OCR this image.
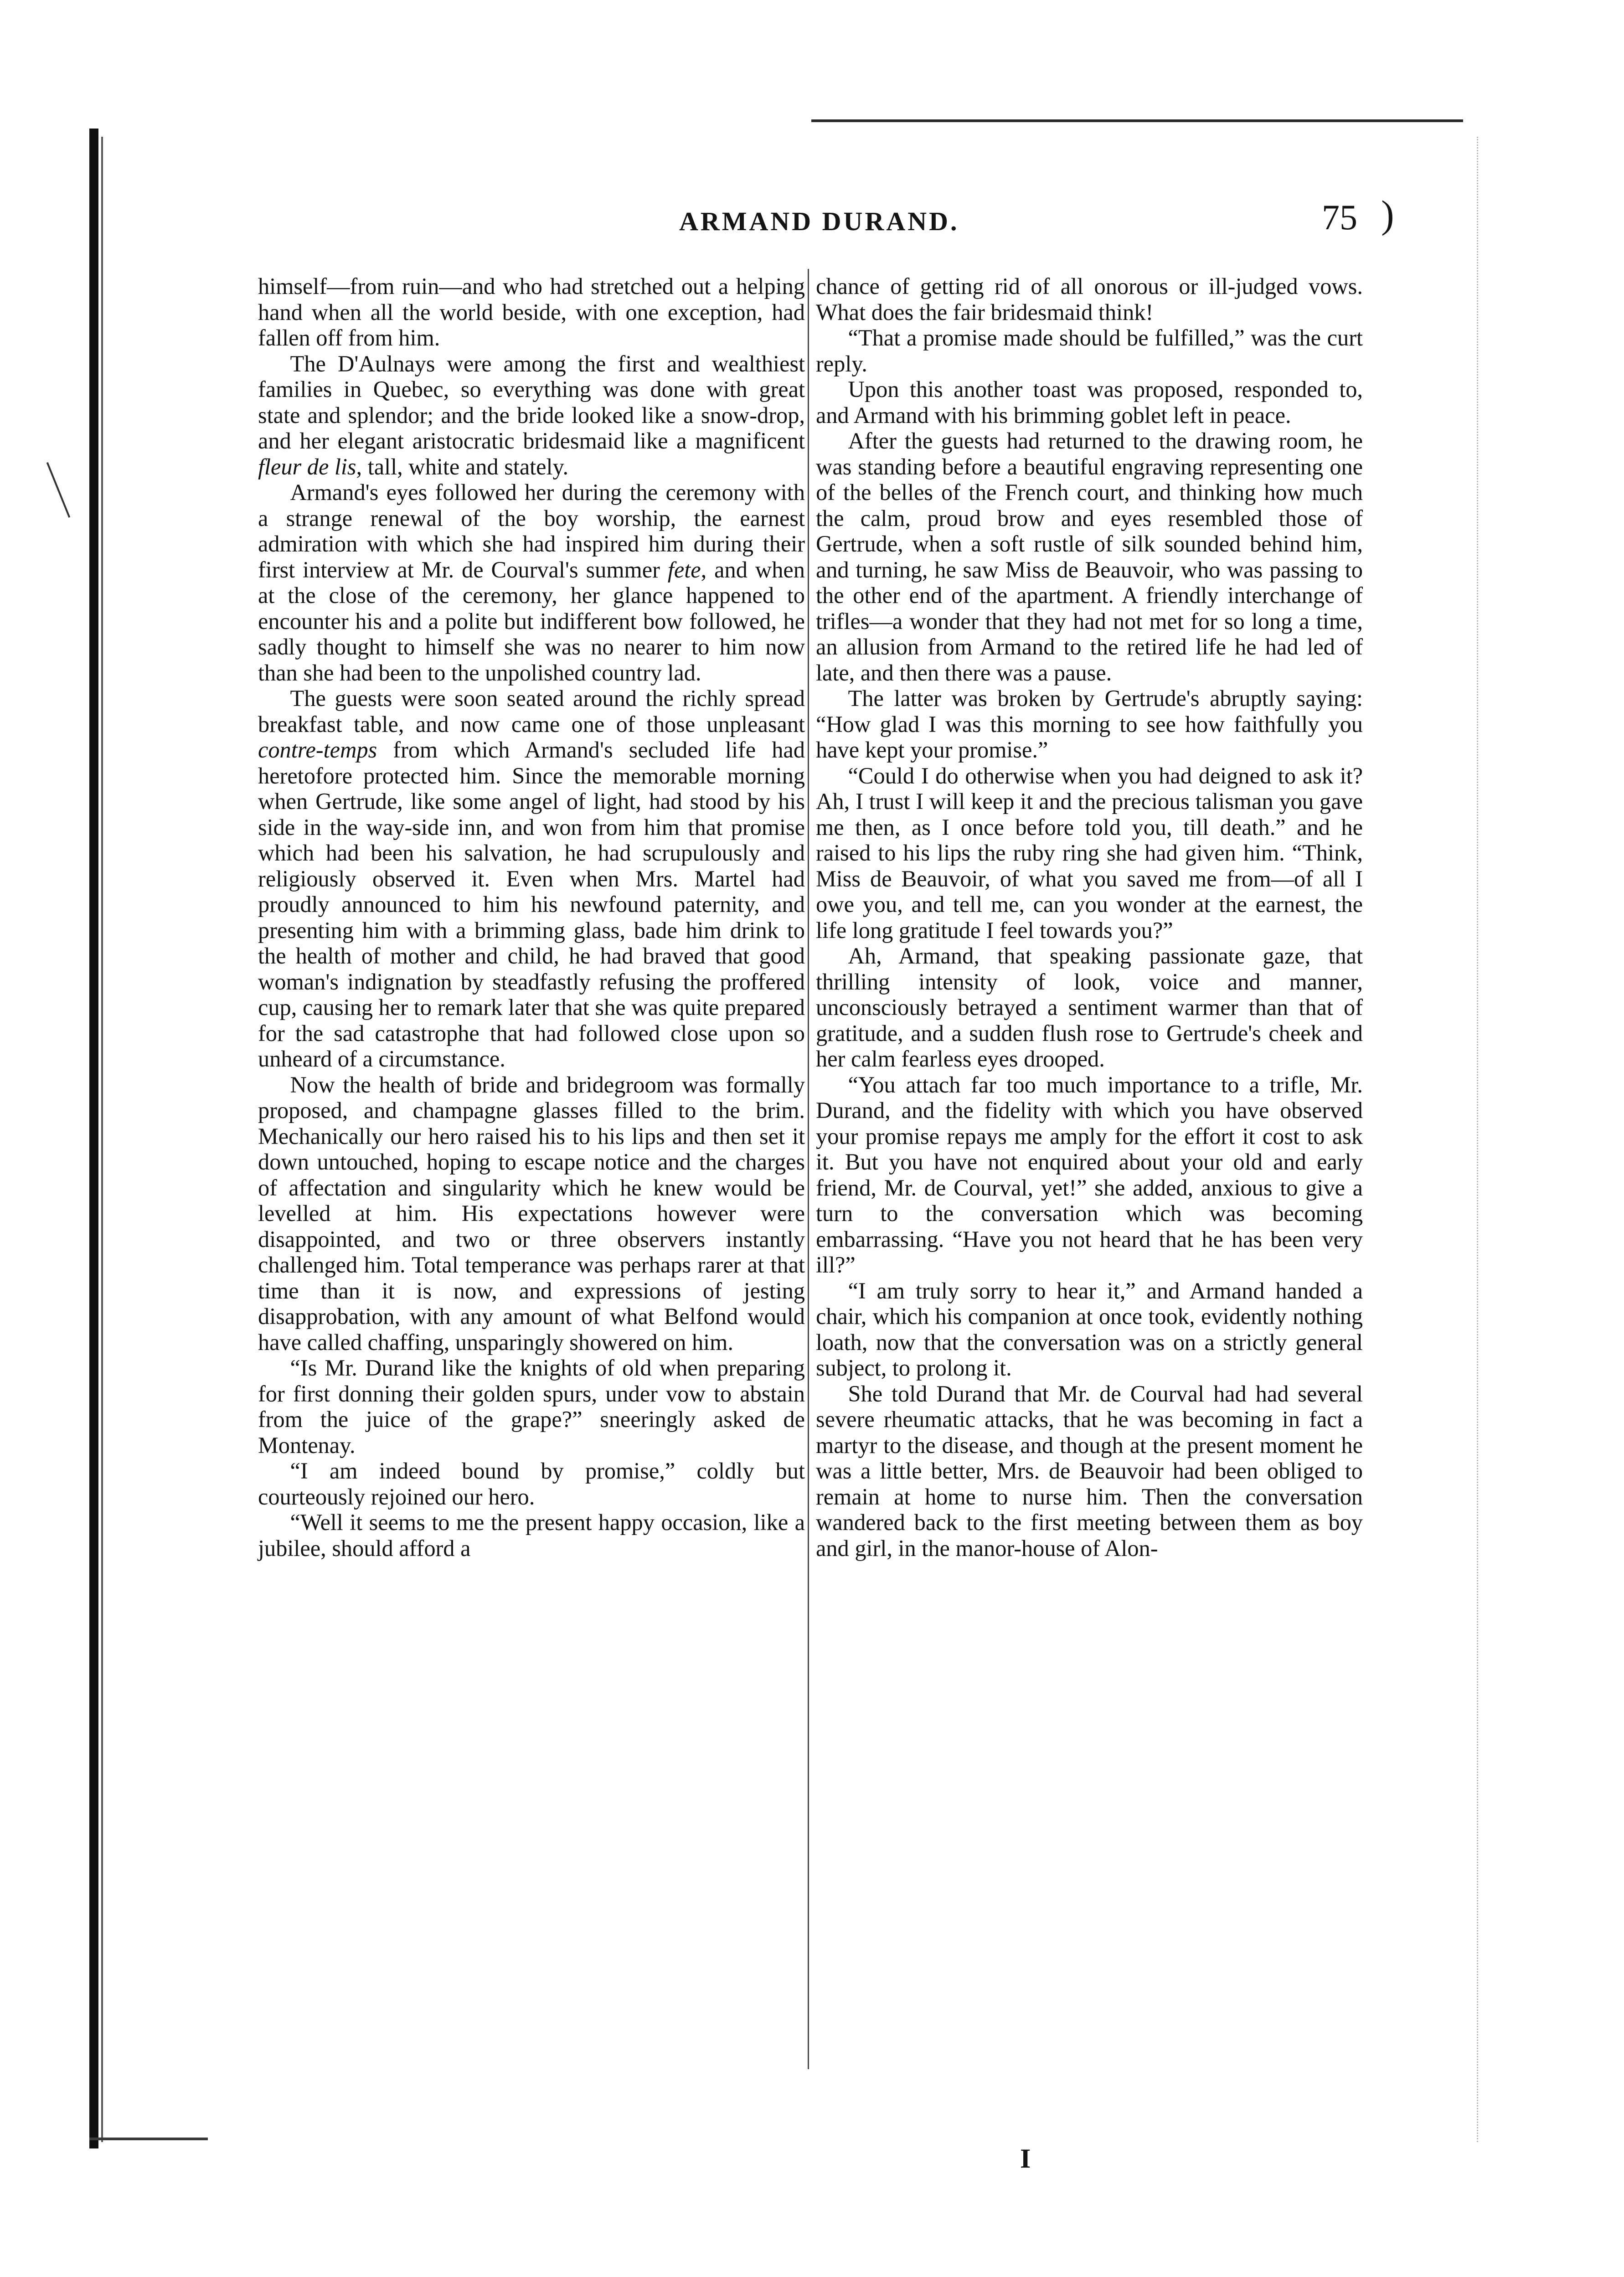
ARMAND DURAND.	75 )

himself—from ruin—and who had stretched out a helping hand when all the world beside, with one exception, had fallen off from him.

The D'Aulnays were among the first and wealthiest families in Quebec, so everything was done with great state and splendor; and the bride looked like a snow-drop, and her elegant aristocratic bridesmaid like a magnificent fleur de lis, tall, white and stately.

Armand's eyes followed her during the ceremony with a strange renewal of the boy worship, the earnest admiration with which she had inspired him during their first interview at Mr. de Courval's summer fete, and when at the close of the ceremony, her glance happened to encounter his and a polite but indifferent bow followed, he sadly thought to himself she was no nearer to him now than she had been to the unpolished country lad.

The guests were soon seated around the richly spread breakfast table, and now came one of those unpleasant contre-temps from which Armand's secluded life had heretofore protected him. Since the memorable morning when Gertrude, like some angel of light, had stood by his side in the way-side inn, and won from him that promise which had been his salvation, he had scrupulously and religiously observed it. Even when Mrs. Martel had proudly announced to him his newfound paternity, and presenting him with a brimming glass, bade him drink to the health of mother and child, he had braved that good woman's indignation by steadfastly refusing the proffered cup, causing her to remark later that she was quite prepared for the sad catastrophe that had followed close upon so unheard of a circumstance.

Now the health of bride and bridegroom was formally proposed, and champagne glasses filled to the brim. Mechanically our hero raised his to his lips and then set it down untouched, hoping to escape notice and the charges of affectation and singularity which he knew would be levelled at him. His expectations however were disappointed, and two or three observers instantly challenged him. Total temperance was perhaps rarer at that time than it is now, and expressions of jesting disapprobation, with any amount of what Belfond would have called chaffing, unsparingly showered on him.

“Is Mr. Durand like the knights of old when preparing for first donning their golden spurs, under vow to abstain from the juice of the grape?” sneeringly asked de Montenay.

“I am indeed bound by promise,” coldly but courteously rejoined our hero.

“Well it seems to me the present happy occasion, like a jubilee, should afford a

chance of getting rid of all onorous or ill-judged vows. What does the fair bridesmaid think!

“That a promise made should be fulfilled,” was the curt reply.

Upon this another toast was proposed, responded to, and Armand with his brimming goblet left in peace.

After the guests had returned to the drawing room, he was standing before a beautiful engraving representing one of the belles of the French court, and thinking how much the calm, proud brow and eyes resembled those of Gertrude, when a soft rustle of silk sounded behind him, and turning, he saw Miss de Beauvoir, who was passing to the other end of the apartment. A friendly interchange of trifles—a wonder that they had not met for so long a time, an allusion from Armand to the retired life he had led of late, and then there was a pause.

The latter was broken by Gertrude's abruptly saying: “How glad I was this morning to see how faithfully you have kept your promise.”

“Could I do otherwise when you had deigned to ask it? Ah, I trust I will keep it and the precious talisman you gave me then, as I once before told you, till death.” and he raised to his lips the ruby ring she had given him. “Think, Miss de Beauvoir, of what you saved me from—of all I owe you, and tell me, can you wonder at the earnest, the life long gratitude I feel towards you?”

Ah, Armand, that speaking passionate gaze, that thrilling intensity of look, voice and manner, unconsciously betrayed a sentiment warmer than that of gratitude, and a sudden flush rose to Gertrude's cheek and her calm fearless eyes drooped.

“You attach far too much importance to a trifle, Mr. Durand, and the fidelity with which you have observed your promise repays me amply for the effort it cost to ask it. But you have not enquired about your old and early friend, Mr. de Courval, yet!” she added, anxious to give a turn to the conversation which was becoming embarrassing. “Have you not heard that he has been very ill?”

“I am truly sorry to hear it,” and Armand handed a chair, which his companion at once took, evidently nothing loath, now that the conversation was on a strictly general subject, to prolong it.

She told Durand that Mr. de Courval had had several severe rheumatic attacks, that he was becoming in fact a martyr to the disease, and though at the present moment he was a little better, Mrs. de Beauvoir had been obliged to remain at home to nurse him. Then the conversation wandered back to the first meeting between them as boy and girl, in the manor-house of Alon-

I
